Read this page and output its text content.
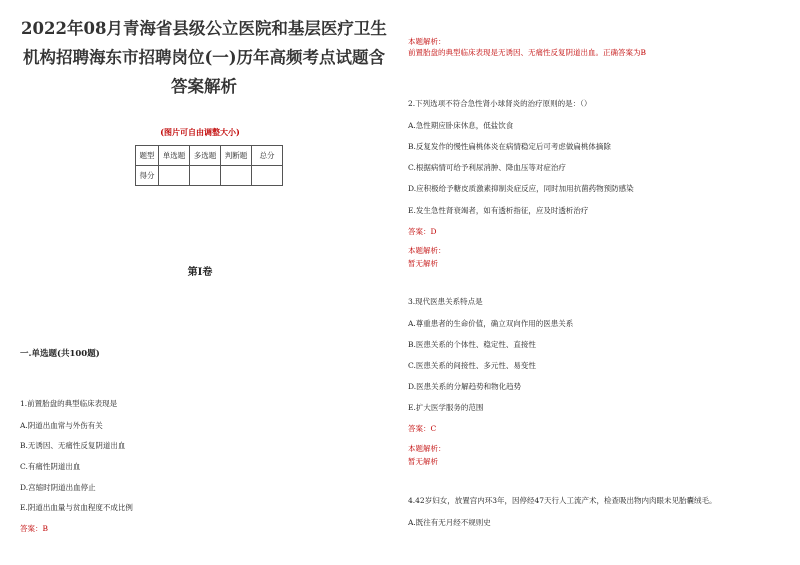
2022年08月青海省县级公立医院和基层医疗卫生机构招聘海东市招聘岗位(一)历年高频考点试题含答案解析
(图片可自由调整大小)
题型	单选题	多选题	判断题	总分
得分				
第I卷
一.单选题(共100题)
1.前置胎盘的典型临床表现是
A.阴道出血常与外伤有关
B.无诱因、无痛性反复阴道出血
C.有痛性阴道出血
D.宫缩时阴道出血停止
E.阴道出血量与贫血程度不成比例
答案：B
本题解析：
前置胎盘的典型临床表现是无诱因、无痛性反复阴道出血。正确答案为B
2.下列选项不符合急性肾小球肾炎的治疗原则的是：（）
A.急性期应卧床休息，低盐饮食
B.反复发作的慢性扁桃体炎在病情稳定后可考虑做扁桃体摘除
C.根据病情可给予利尿消肿、降血压等对症治疗
D.应积极给予糖皮质激素抑制炎症反应，同时加用抗菌药物预防感染
E.发生急性肾衰竭者，如有透析指征，应及时透析治疗
答案：D
本题解析：
暂无解析
3.现代医患关系特点是
A.尊重患者的生命价值，确立双向作用的医患关系
B.医患关系的个体性、稳定性、直接性
C.医患关系的间接性、多元性、易变性
D.医患关系的分解趋势和物化趋势
E.扩大医学服务的范围
答案：C
本题解析：
暂无解析
4.42岁妇女，放置宫内环3年，因停经47天行人工流产术，检查吸出物内肉眼未见胎囊绒毛。
A.既往有无月经不规则史
